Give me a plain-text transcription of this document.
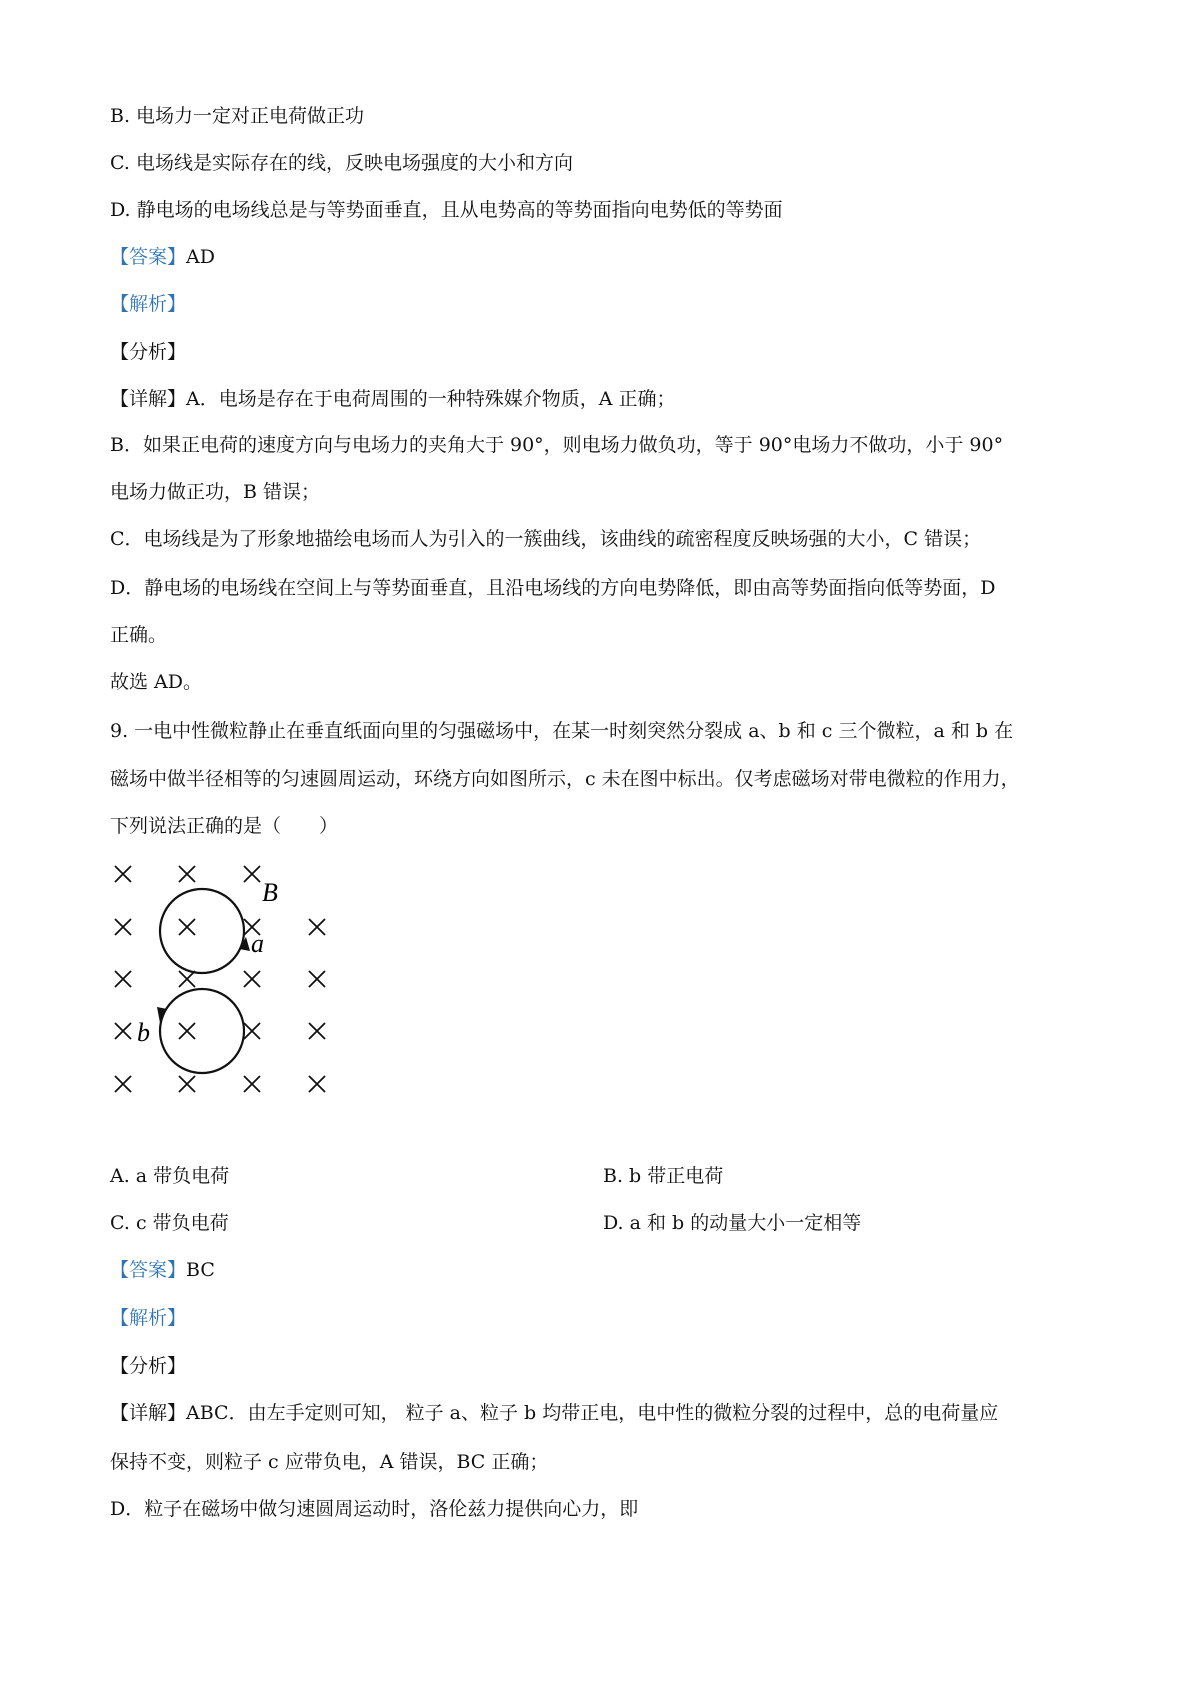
B. 电场力一定对正电荷做正功
C. 电场线是实际存在的线，反映电场强度的大小和方向
D. 静电场的电场线总是与等势面垂直，且从电势高的等势面指向电势低的等势面
【答案】AD
【解析】
【分析】
【详解】A．电场是存在于电荷周围的一种特殊媒介物质，A 正确；
B．如果正电荷的速度方向与电场力的夹角大于 90°，则电场力做负功，等于 90°电场力不做功，小于 90°
电场力做正功，B 错误；
C．电场线是为了形象地描绘电场而人为引入的一簇曲线，该曲线的疏密程度反映场强的大小，C 错误；
D．静电场的电场线在空间上与等势面垂直，且沿电场线的方向电势降低，即由高等势面指向低等势面，D
正确。
故选 AD。
9. 一电中性微粒静止在垂直纸面向里的匀强磁场中，在某一时刻突然分裂成 a、b 和 c 三个微粒，a 和 b 在
磁场中做半径相等的匀速圆周运动，环绕方向如图所示，c 未在图中标出。仅考虑磁场对带电微粒的作用力，
下列说法正确的是（　　）
B
a
b
A. a 带负电荷	B. b 带正电荷
C. c 带负电荷	D. a 和 b 的动量大小一定相等
【答案】BC
【解析】
【分析】
【详解】ABC．由左手定则可知， 粒子 a、粒子 b 均带正电，电中性的微粒分裂的过程中，总的电荷量应
保持不变，则粒子 c 应带负电，A 错误，BC 正确；
D．粒子在磁场中做匀速圆周运动时，洛伦兹力提供向心力，即
